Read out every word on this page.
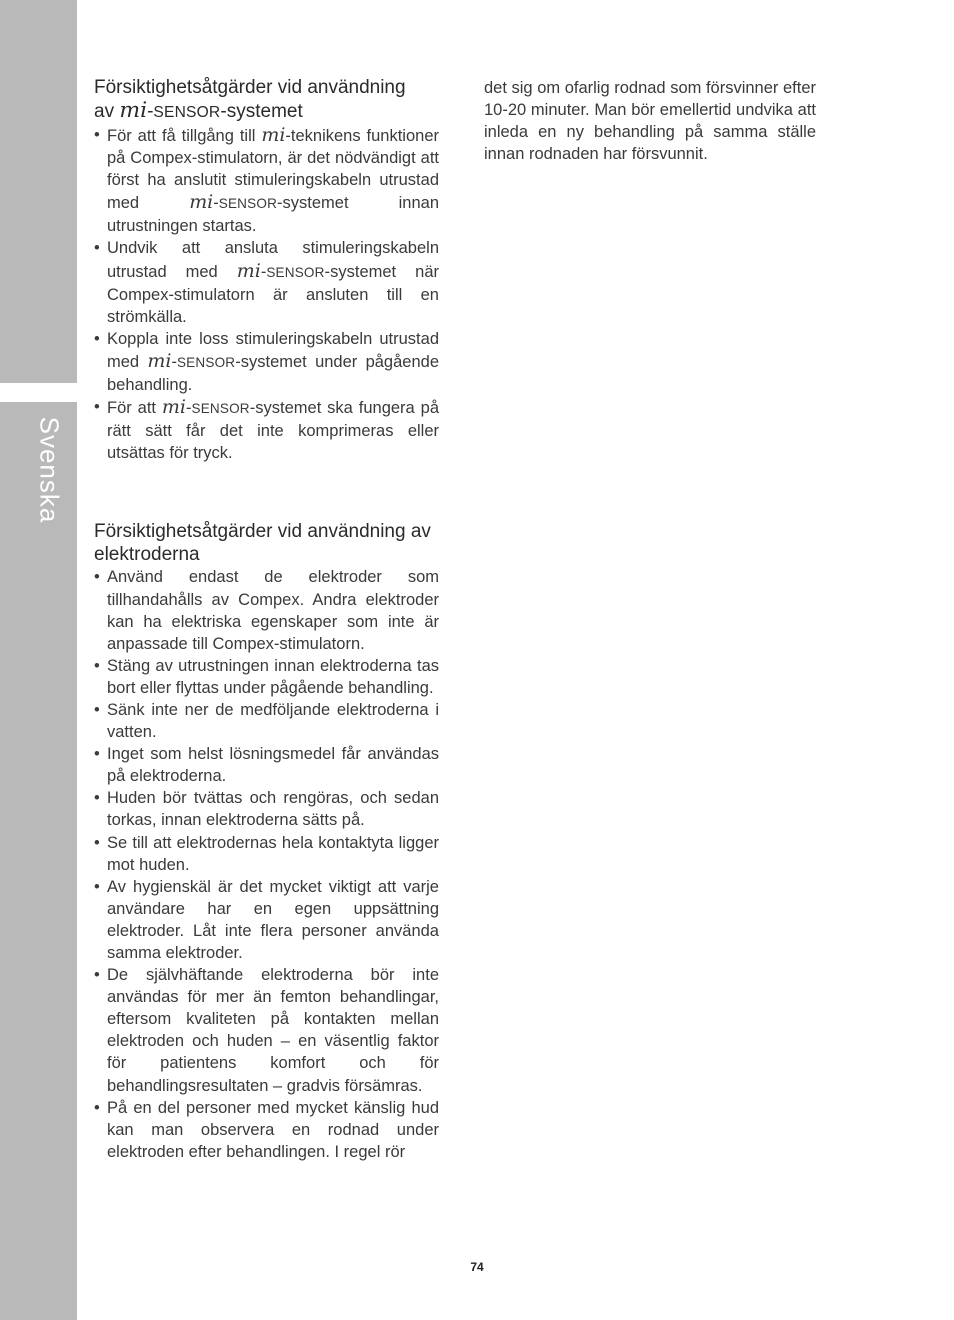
Svenska
Försiktighetsåtgärder vid användning
av mi-SENSOR-systemet
• För att få tillgång till mi-teknikens funktioner på Compex-stimulatorn, är det nödvändigt att först ha anslutit stimuleringskabeln utrustad med mi-SENSOR-systemet innan utrustningen startas.
• Undvik att ansluta stimuleringskabeln utrustad med mi-SENSOR-systemet när Compex-stimulatorn är ansluten till en strömkälla.
• Koppla inte loss stimuleringskabeln utrustad med mi-SENSOR-systemet under pågående behandling.
• För att mi-SENSOR-systemet ska fungera på rätt sätt får det inte komprimeras eller utsättas för tryck.
Försiktighetsåtgärder vid användning av elektroderna
• Använd endast de elektroder som tillhandahålls av Compex. Andra elektroder kan ha elektriska egenskaper som inte är anpassade till Compex-stimulatorn.
• Stäng av utrustningen innan elektroderna tas bort eller flyttas under pågående behandling.
• Sänk inte ner de medföljande elektroderna i vatten.
• Inget som helst lösningsmedel får användas på elektroderna.
• Huden bör tvättas och rengöras, och sedan torkas, innan elektroderna sätts på.
• Se till att elektrodernas hela kontaktyta ligger mot huden.
• Av hygienskäl är det mycket viktigt att varje användare har en egen uppsättning elektroder. Låt inte flera personer använda samma elektroder.
• De självhäftande elektroderna bör inte användas för mer än femton behandlingar, eftersom kvaliteten på kontakten mellan elektroden och huden – en väsentlig faktor för patientens komfort och för behandlingsresultaten – gradvis försämras.
• På en del personer med mycket känslig hud kan man observera en rodnad under elektroden efter behandlingen. I regel rör

det sig om ofarlig rodnad som försvinner efter 10-20 minuter. Man bör emellertid undvika att inleda en ny behandling på samma ställe innan rodnaden har försvunnit.

74
